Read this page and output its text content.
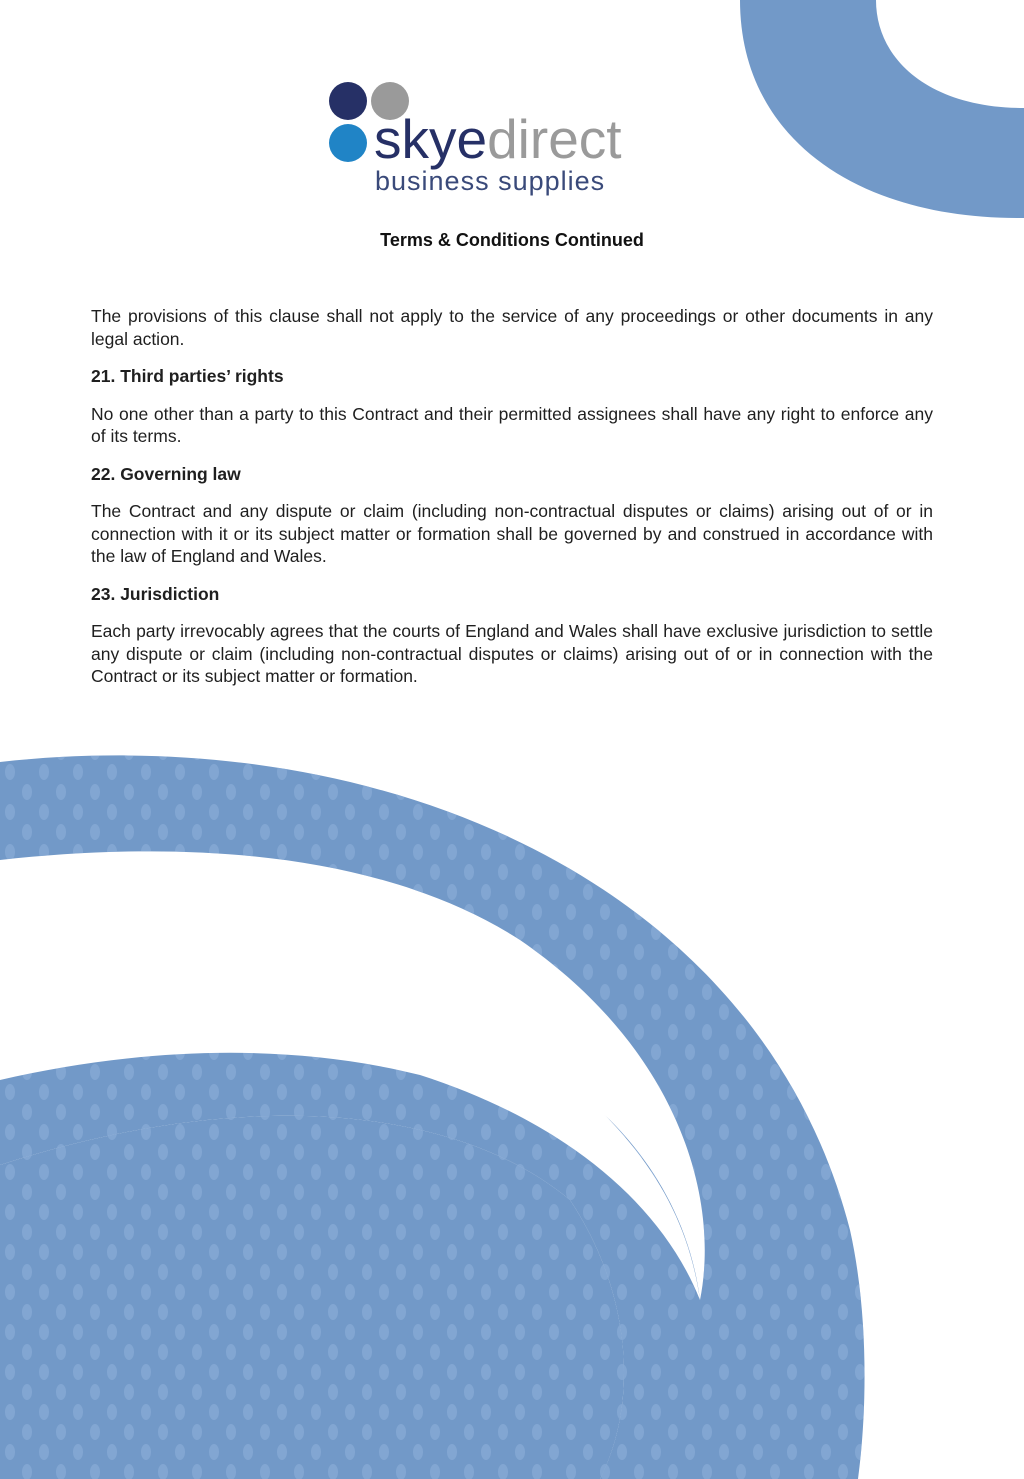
skyedirect
business supplies
Terms & Conditions Continued

The provisions of this clause shall not apply to the service of any proceedings or other documents in any legal action.

21. Third parties’ rights

No one other than a party to this Contract and their permitted assignees shall have any right to enforce any of its terms.

22. Governing law

The Contract and any dispute or claim (including non-contractual disputes or claims) arising out of or in connection with it or its subject matter or formation shall be governed by and construed in accordance with the law of England and Wales.

23. Jurisdiction

Each party irrevocably agrees that the courts of England and Wales shall have exclusive jurisdiction to settle any dispute or claim (including non-contractual disputes or claims) arising out of or in connection with the Contract or its subject matter or formation.
